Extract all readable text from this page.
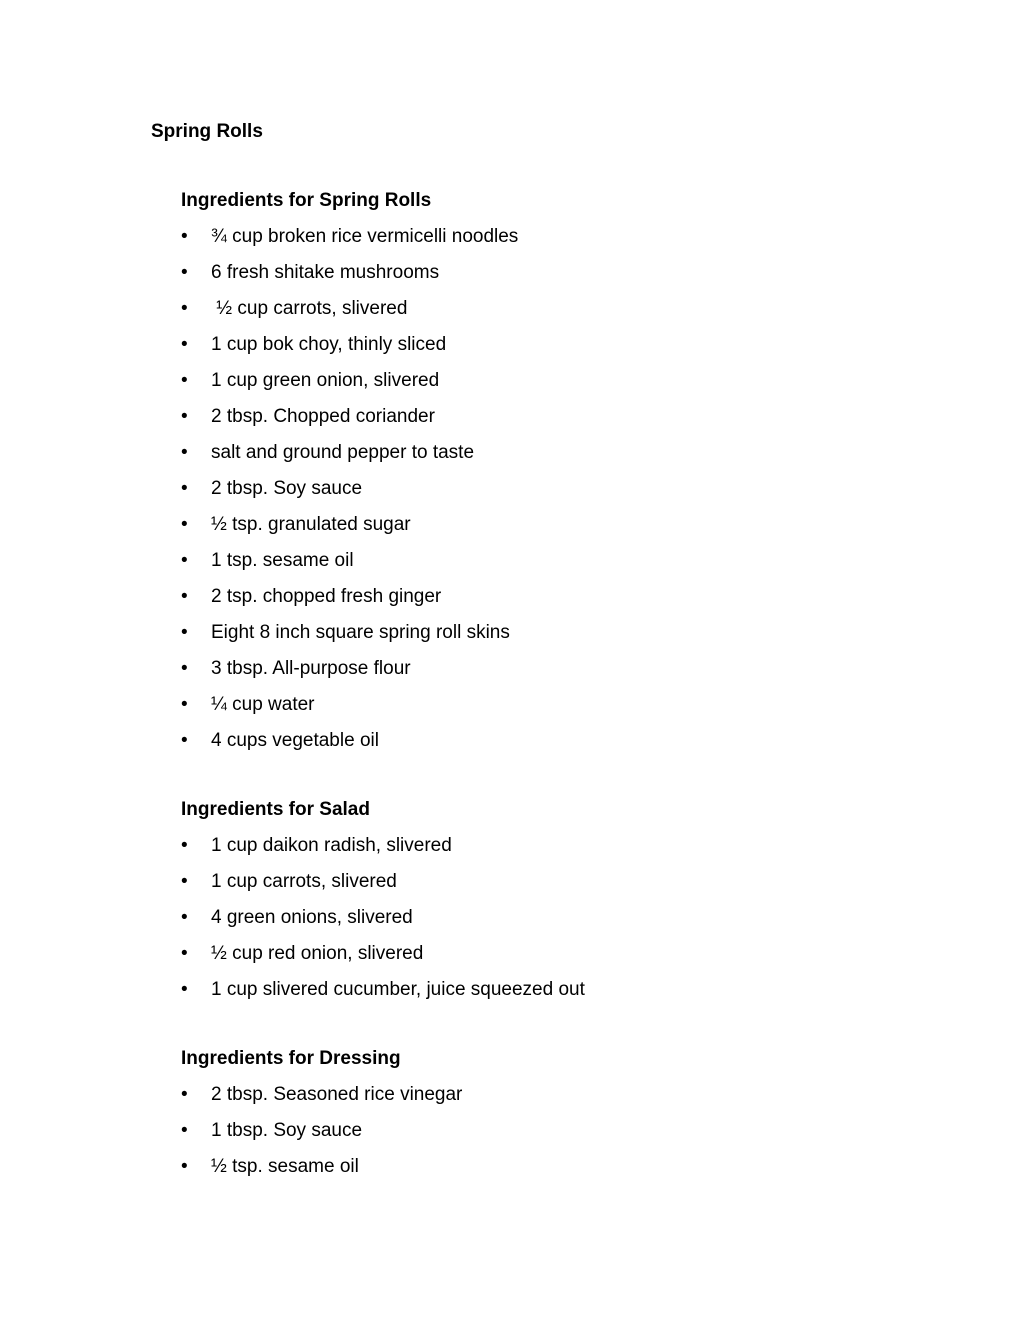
Spring Rolls
Ingredients for Spring Rolls
•	¾ cup broken rice vermicelli noodles
•	6 fresh shitake mushrooms
•	½ cup carrots, slivered
•	1 cup bok choy, thinly sliced
•	1 cup green onion, slivered
•	2 tbsp. Chopped coriander
•	salt and ground pepper to taste
•	2 tbsp. Soy sauce
•	½ tsp. granulated sugar
•	1 tsp. sesame oil
•	2 tsp. chopped fresh ginger
•	Eight 8 inch square spring roll skins
•	3 tbsp. All-purpose flour
•	¼ cup water
•	4 cups vegetable oil
Ingredients for Salad
•	1 cup daikon radish, slivered
•	1 cup carrots, slivered
•	4 green onions, slivered
•	½ cup red onion, slivered
•	1 cup slivered cucumber, juice squeezed out
Ingredients for Dressing
•	2 tbsp. Seasoned rice vinegar
•	1 tbsp. Soy sauce
•	½ tsp. sesame oil
